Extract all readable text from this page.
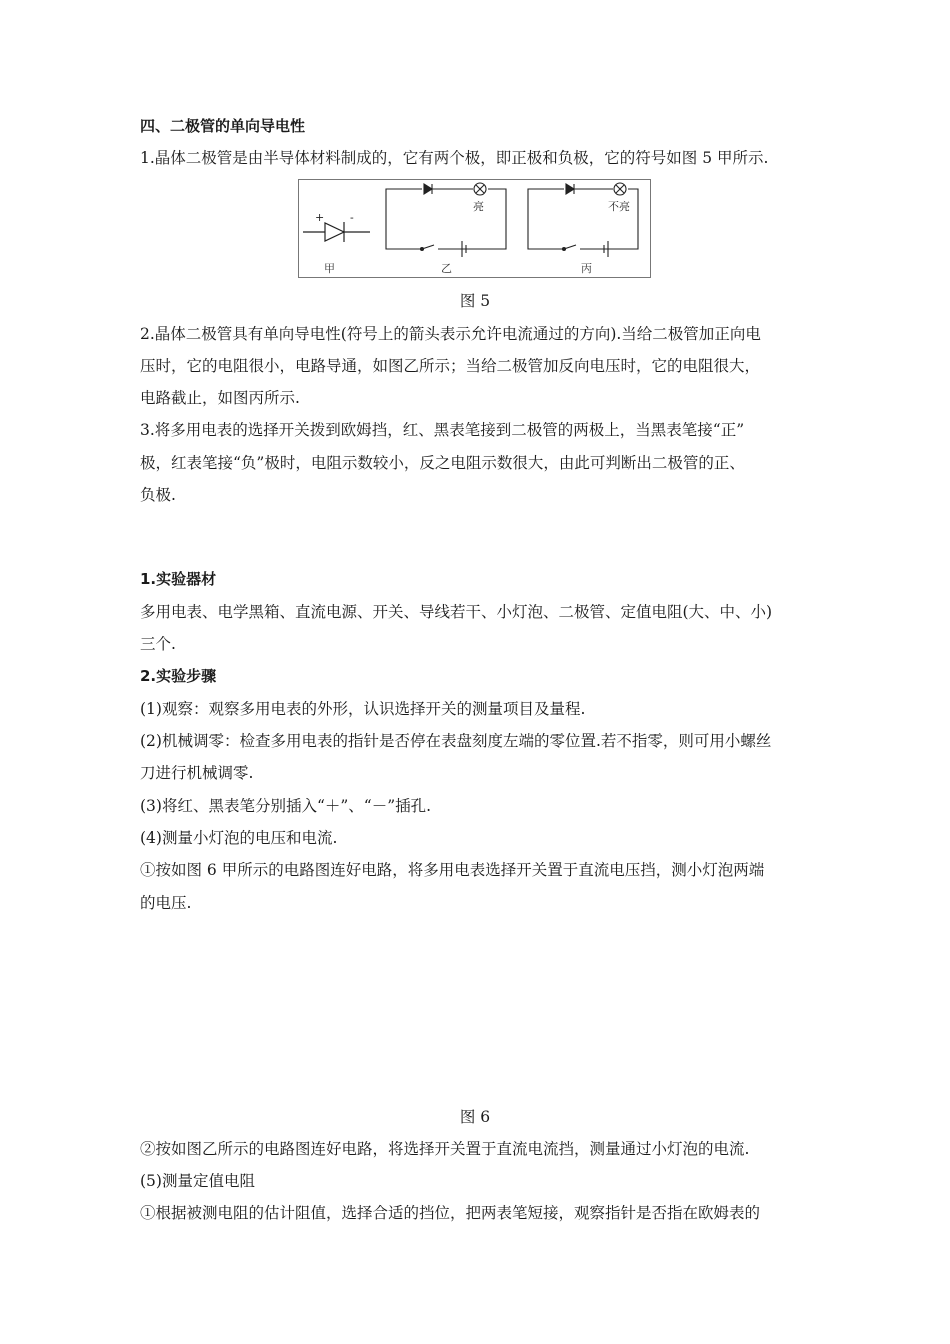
四、二极管的单向导电性
1.晶体二极管是由半导体材料制成的，它有两个极，即正极和负极，它的符号如图 5 甲所示.
+ -
甲
亮
乙
不亮
丙
图 5
2.晶体二极管具有单向导电性(符号上的箭头表示允许电流通过的方向).当给二极管加正向电
压时，它的电阻很小，电路导通，如图乙所示；当给二极管加反向电压时，它的电阻很大，
电路截止，如图丙所示.
3.将多用电表的选择开关拨到欧姆挡，红、黑表笔接到二极管的两极上，当黑表笔接“正”
极，红表笔接“负”极时，电阻示数较小，反之电阻示数很大，由此可判断出二极管的正、
负极.
1.实验器材
多用电表、电学黑箱、直流电源、开关、导线若干、小灯泡、二极管、定值电阻(大、中、小)
三个.
2.实验步骤
(1)观察：观察多用电表的外形，认识选择开关的测量项目及量程.
(2)机械调零：检查多用电表的指针是否停在表盘刻度左端的零位置.若不指零，则可用小螺丝
刀进行机械调零.
(3)将红、黑表笔分别插入“＋”、“－”插孔.
(4)测量小灯泡的电压和电流.
①按如图 6 甲所示的电路图连好电路，将多用电表选择开关置于直流电压挡，测小灯泡两端
的电压.
图 6
②按如图乙所示的电路图连好电路，将选择开关置于直流电流挡，测量通过小灯泡的电流.
(5)测量定值电阻
①根据被测电阻的估计阻值，选择合适的挡位，把两表笔短接，观察指针是否指在欧姆表的
